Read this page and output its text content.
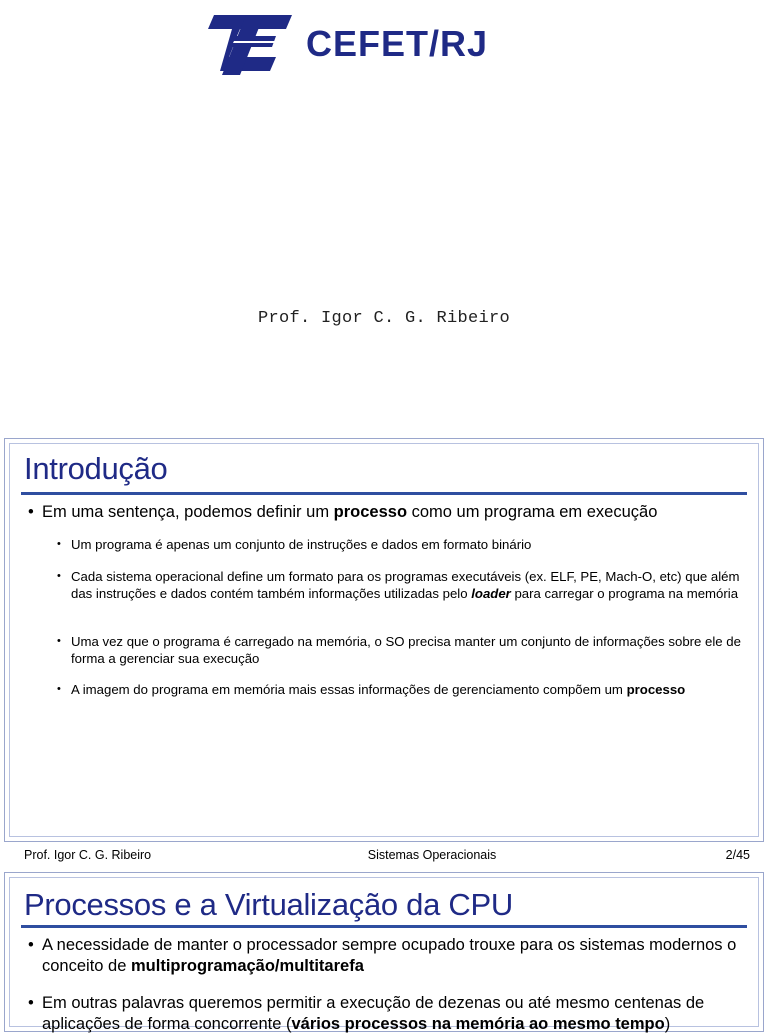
CEFET/RJ
Prof. Igor C. G. Ribeiro
Introdução
• Em uma sentença, podemos definir um processo como um programa em execução
• Um programa é apenas um conjunto de instruções e dados em formato binário
• Cada sistema operacional define um formato para os programas executáveis (ex. ELF, PE, Mach-O, etc) que além das instruções e dados contém também informações utilizadas pelo loader para carregar o programa na memória
• Uma vez que o programa é carregado na memória, o SO precisa manter um conjunto de informações sobre ele de forma a gerenciar sua execução
• A imagem do programa em memória mais essas informações de gerenciamento compõem um processo
Prof. Igor C. G. Ribeiro	Sistemas Operacionais	2/45
Processos e a Virtualização da CPU
• A necessidade de manter o processador sempre ocupado trouxe para os sistemas modernos o conceito de multiprogramação/multitarefa
• Em outras palavras queremos permitir a execução de dezenas ou até mesmo centenas de aplicações de forma concorrente (vários processos na memória ao mesmo tempo)
